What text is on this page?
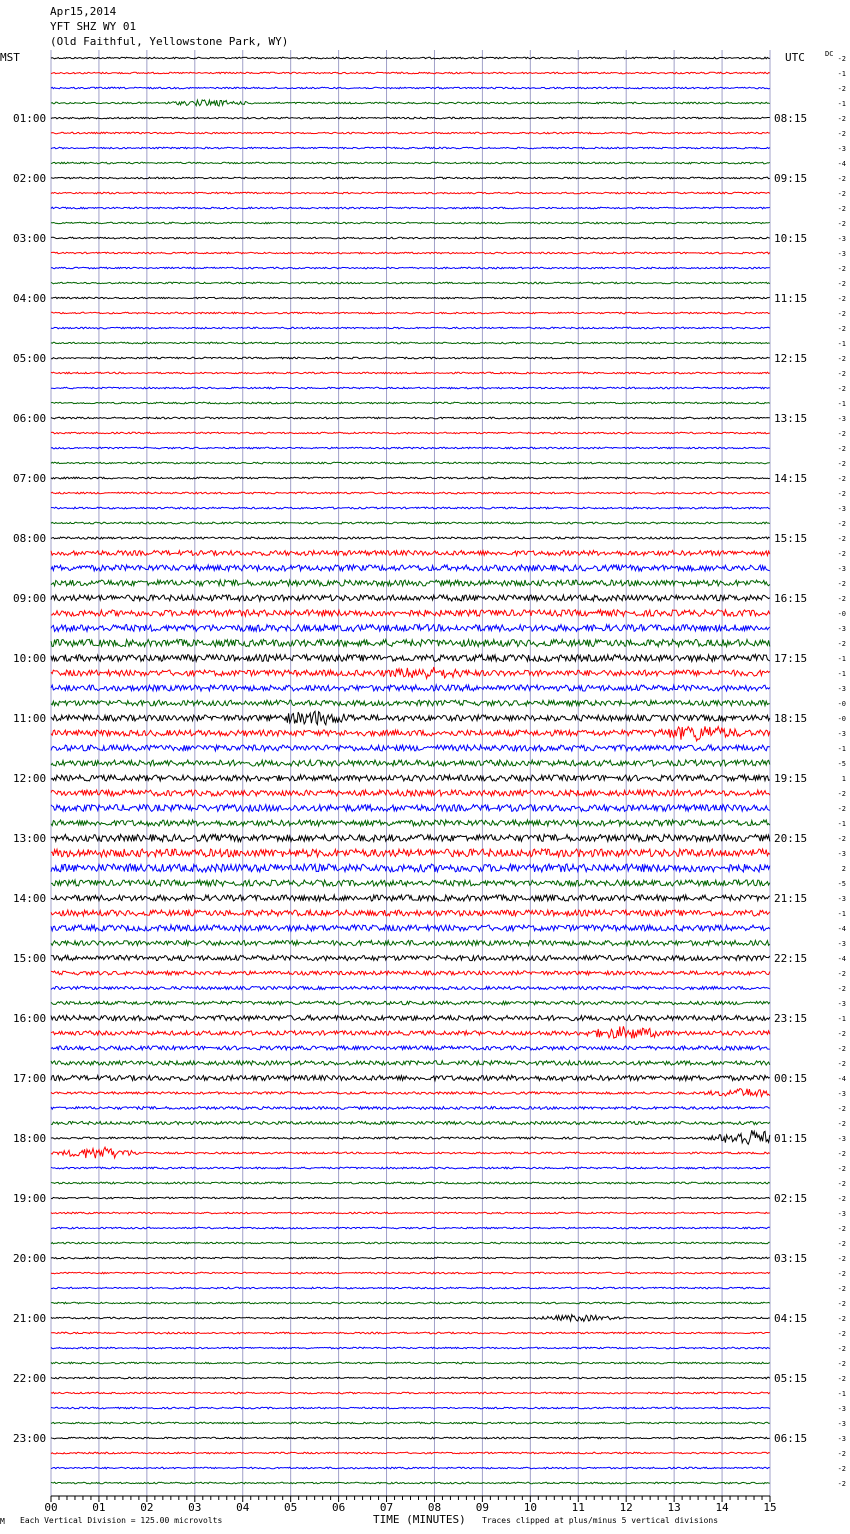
Apr15,2014
YFT SHZ WY 01
(Old Faithful, Yellowstone Park, WY)
MST	UTC	DC
01:00
02:00
03:00
04:00
05:00
06:00
07:00
08:00
09:00
10:00
11:00
12:00
13:00
14:00
15:00
16:00
17:00
18:00
19:00
20:00
21:00
22:00
23:00
08:15
09:15
10:15
11:15
12:15
13:15
14:15
15:15
16:15
17:15
18:15
19:15
20:15
21:15
22:15
23:15
00:15
01:15
02:15
03:15
04:15
05:15
06:15
-2
-1
-2
-1
-2
-2
-3
-4
-2
-2
-2
-2
-3
-3
-2
-2
-2
-2
-2
-1
-2
-2
-2
-1
-3
-2
-2
-2
-2
-2
-3
-2
-2
-2
-3
-2
-2
-0
-3
-2
-1
-1
-3
-0
-0
-3
-1
-5
1
-2
-2
-1
-2
-3
2
-5
-3
-1
-4
-3
-4
-2
-2
-3
-1
-2
-2
-2
-4
-3
-2
-2
-3
-2
-2
-2
-2
-3
-2
-2
-2
-2
-2
-2
-2
-2
-2
-2
-2
-1
-3
-3
-3
-2
-2
-2
00	01	02	03	04	05	06	07	08	09	10	11	12	13	14	15
M Each Vertical Division = 125.00 microvolts	TIME (MINUTES) Traces clipped at plus/minus 5 vertical divisions
